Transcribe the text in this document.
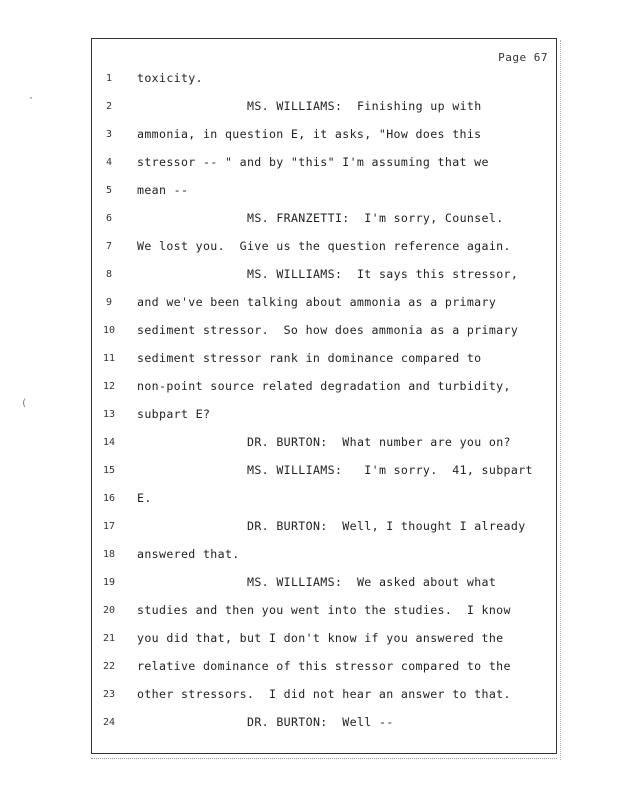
Page 67
1	toxicity.
2	MS. WILLIAMS:  Finishing up with
3	ammonia, in question E, it asks, "How does this
4	stressor -- " and by "this" I'm assuming that we
5	mean --
6	MS. FRANZETTI:  I'm sorry, Counsel.
7	We lost you.  Give us the question reference again.
8	MS. WILLIAMS:  It says this stressor,
9	and we've been talking about ammonia as a primary
10 sediment stressor.  So how does ammonia as a primary
11 sediment stressor rank in dominance compared to
12 non-point source related degradation and turbidity,
13 subpart E?
14	DR. BURTON:  What number are you on?
15	MS. WILLIAMS:   I'm sorry.  41, subpart
16 E.
17	DR. BURTON:  Well, I thought I already
18 answered that.
19	MS. WILLIAMS:  We asked about what
20 studies and then you went into the studies.  I know
21 you did that, but I don't know if you answered the
22 relative dominance of this stressor compared to the
23 other stressors.  I did not hear an answer to that.
24	DR. BURTON:  Well --
·
(
